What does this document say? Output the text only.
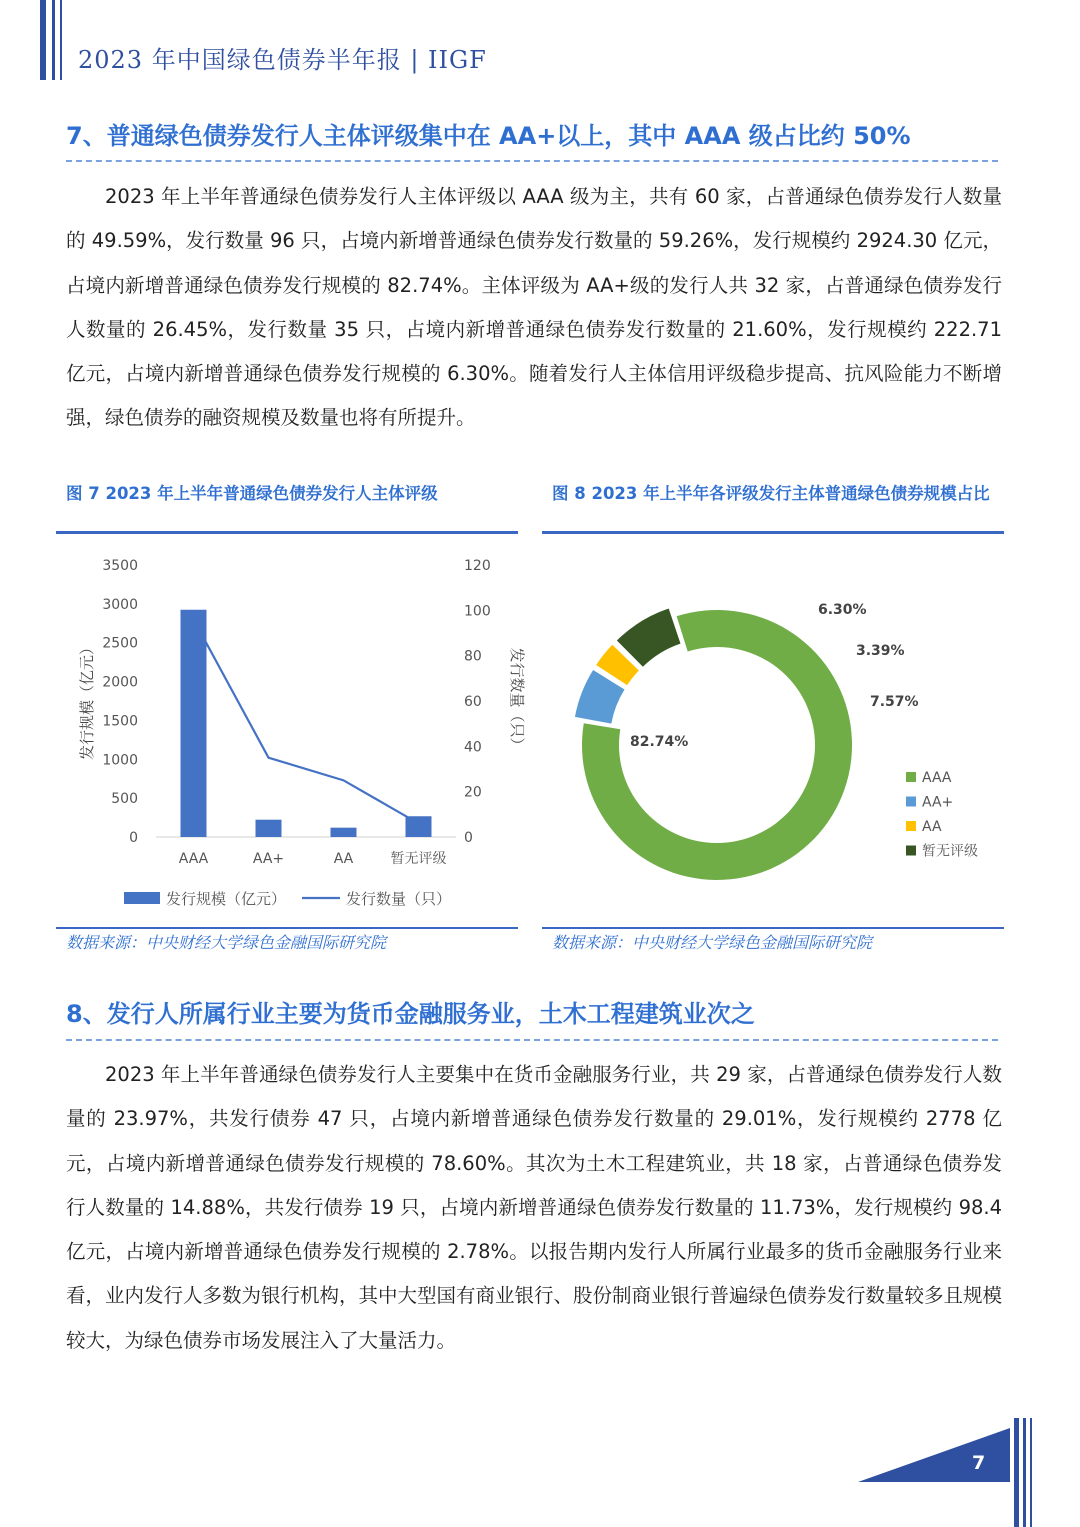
2023 年中国绿色债券半年报 | IIGF
7、普通绿色债券发行人主体评级集中在 AA+以上，其中 AAA 级占比约 50%

2023 年上半年普通绿色债券发行人主体评级以 AAA 级为主，共有 60 家，占普通绿色债券发行人数量的 49.59%，发行数量 96 只，占境内新增普通绿色债券发行数量的 59.26%，发行规模约 2924.30 亿元，占境内新增普通绿色债券发行规模的 82.74%。主体评级为 AA+级的发行人共 32 家，占普通绿色债券发行人数量的 26.45%，发行数量 35 只，占境内新增普通绿色债券发行数量的 21.60%，发行规模约 222.71 亿元，占境内新增普通绿色债券发行规模的 6.30%。随着发行人主体信用评级稳步提高、抗风险能力不断增强，绿色债券的融资规模及数量也将有所提升。

图 7 2023 年上半年普通绿色债券发行人主体评级
0
500
1000
1500
2000
2500
3000
3500
0
20
40
60
80
100
120
AAA	AA+	AA	暂无评级
发行规模（亿元）	发行数量（只）
发行规模（亿元）	发行数量（只）
数据来源：中央财经大学绿色金融国际研究院
图 8 2023 年上半年各评级发行主体普通绿色债券规模占比
82.74%
6.30%
3.39%
7.57%
AAA
AA+
AA
暂无评级
数据来源：中央财经大学绿色金融国际研究院
8、发行人所属行业主要为货币金融服务业，土木工程建筑业次之

2023 年上半年普通绿色债券发行人主要集中在货币金融服务行业，共 29 家，占普通绿色债券发行人数量的 23.97%，共发行债券 47 只，占境内新增普通绿色债券发行数量的 29.01%，发行规模约 2778 亿元，占境内新增普通绿色债券发行规模的 78.60%。其次为土木工程建筑业，共 18 家，占普通绿色债券发行人数量的 14.88%，共发行债券 19 只，占境内新增普通绿色债券发行数量的 11.73%，发行规模约 98.4 亿元，占境内新增普通绿色债券发行规模的 2.78%。以报告期内发行人所属行业最多的货币金融服务行业来看，业内发行人多数为银行机构，其中大型国有商业银行、股份制商业银行普遍绿色债券发行数量较多且规模较大，为绿色债券市场发展注入了大量活力。

7
